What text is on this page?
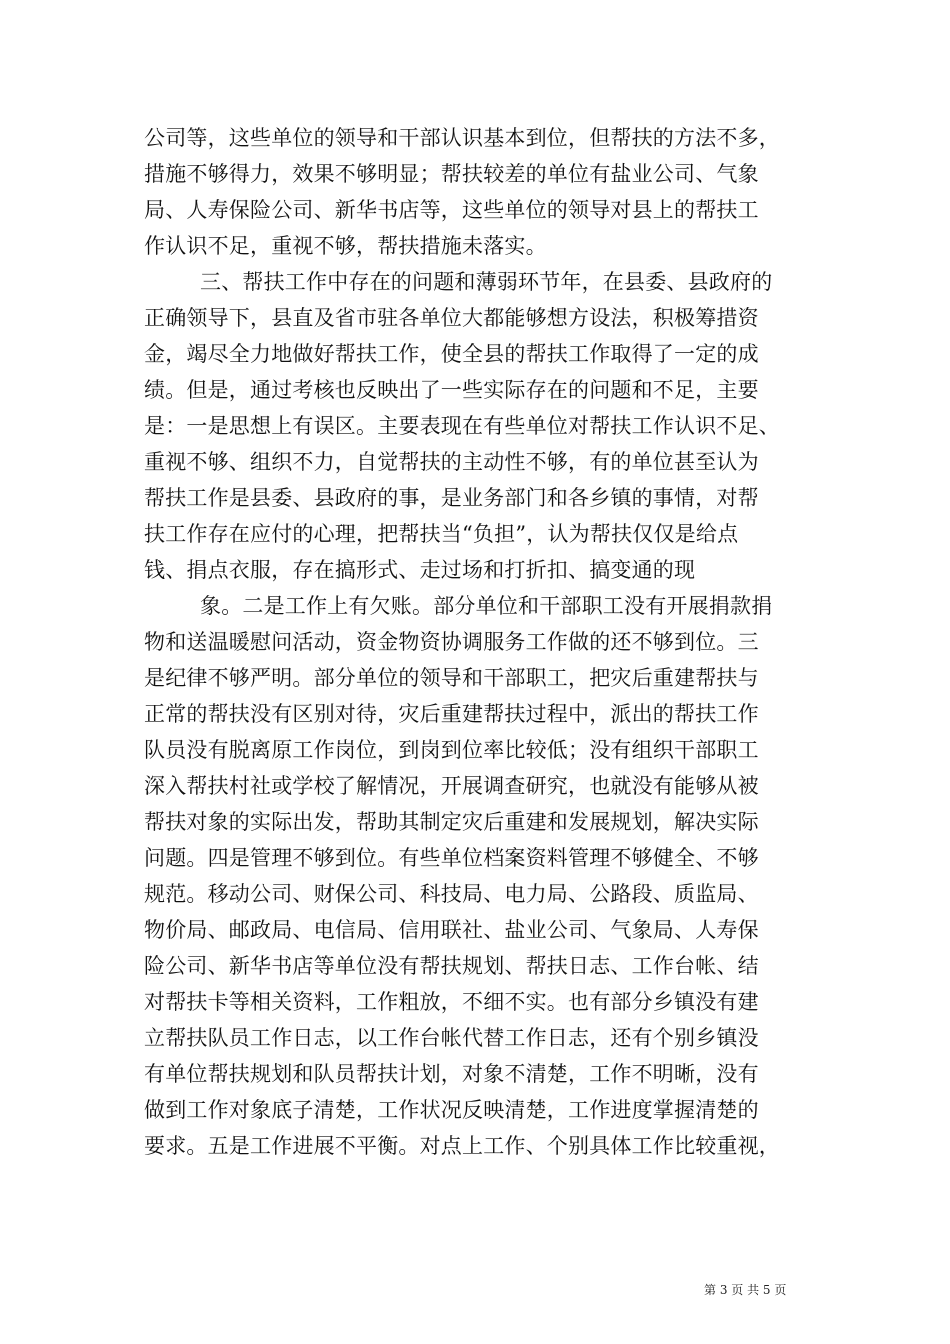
公司等，这些单位的领导和干部认识基本到位，但帮扶的方法不多，
措施不够得力，效果不够明显；帮扶较差的单位有盐业公司、气象
局、人寿保险公司、新华书店等，这些单位的领导对县上的帮扶工
作认识不足，重视不够，帮扶措施未落实。
三、帮扶工作中存在的问题和薄弱环节年，在县委、县政府的
正确领导下，县直及省市驻各单位大都能够想方设法，积极筹措资
金，竭尽全力地做好帮扶工作，使全县的帮扶工作取得了一定的成
绩。但是，通过考核也反映出了一些实际存在的问题和不足，主要
是：一是思想上有误区。主要表现在有些单位对帮扶工作认识不足、
重视不够、组织不力，自觉帮扶的主动性不够，有的单位甚至认为
帮扶工作是县委、县政府的事，是业务部门和各乡镇的事情，对帮
扶工作存在应付的心理，把帮扶当“负担”，认为帮扶仅仅是给点
钱、捐点衣服，存在搞形式、走过场和打折扣、搞变通的现
象。二是工作上有欠账。部分单位和干部职工没有开展捐款捐
物和送温暖慰问活动，资金物资协调服务工作做的还不够到位。三
是纪律不够严明。部分单位的领导和干部职工，把灾后重建帮扶与
正常的帮扶没有区别对待，灾后重建帮扶过程中，派出的帮扶工作
队员没有脱离原工作岗位，到岗到位率比较低；没有组织干部职工
深入帮扶村社或学校了解情况，开展调查研究，也就没有能够从被
帮扶对象的实际出发，帮助其制定灾后重建和发展规划，解决实际
问题。四是管理不够到位。有些单位档案资料管理不够健全、不够
规范。移动公司、财保公司、科技局、电力局、公路段、质监局、
物价局、邮政局、电信局、信用联社、盐业公司、气象局、人寿保
险公司、新华书店等单位没有帮扶规划、帮扶日志、工作台帐、结
对帮扶卡等相关资料，工作粗放，不细不实。也有部分乡镇没有建
立帮扶队员工作日志，以工作台帐代替工作日志，还有个别乡镇没
有单位帮扶规划和队员帮扶计划，对象不清楚，工作不明晰，没有
做到工作对象底子清楚，工作状况反映清楚，工作进度掌握清楚的
要求。五是工作进展不平衡。对点上工作、个别具体工作比较重视，
第 3 页 共 5 页
